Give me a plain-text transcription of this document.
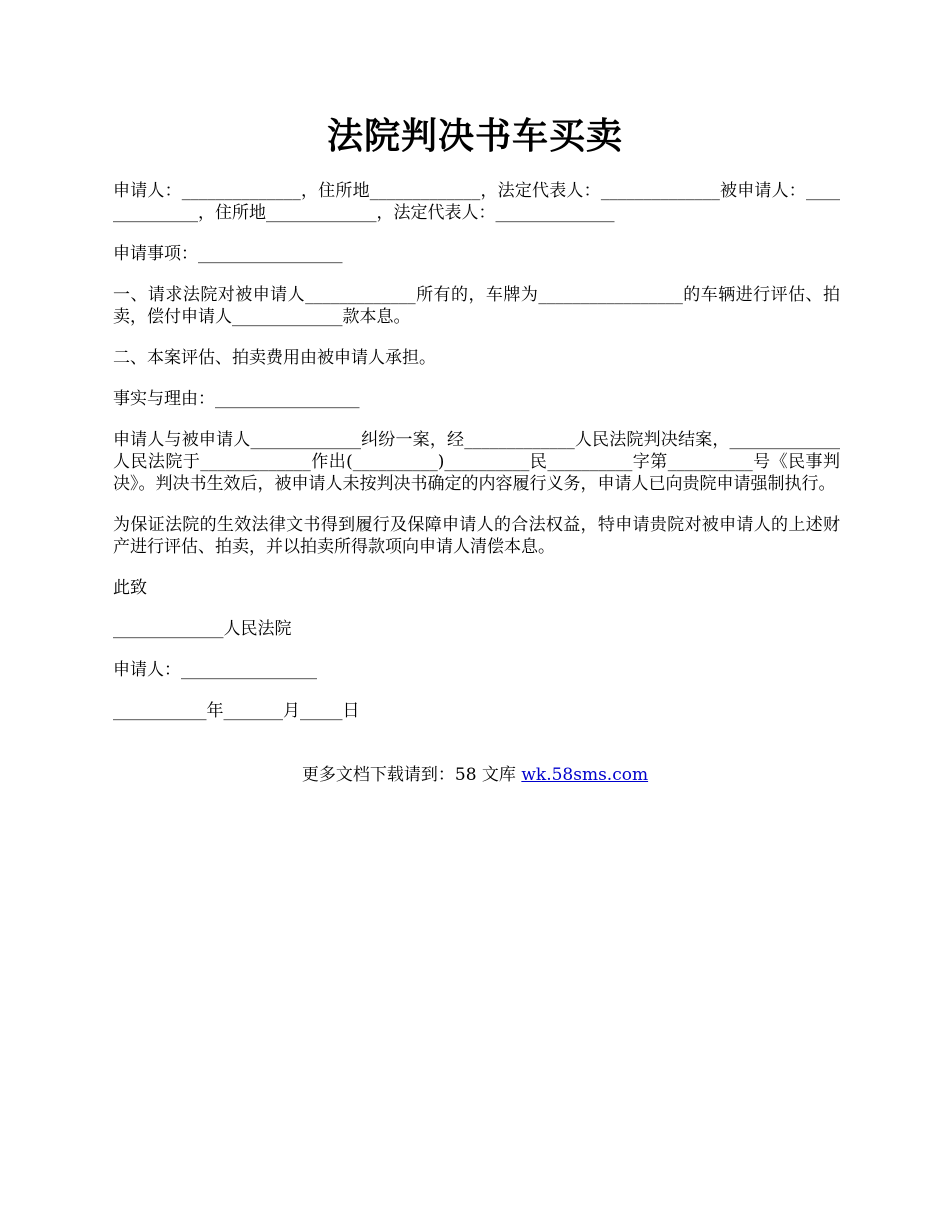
法院判决书车买卖

申请人：______________，住所地_____________，法定代表人：______________被申请人：______________，住所地_____________，法定代表人：______________

申请事项：_________________

一、请求法院对被申请人_____________所有的，车牌为_________________的车辆进行评估、拍卖，偿付申请人_____________款本息。

二、本案评估、拍卖费用由被申请人承担。

事实与理由：_________________

申请人与被申请人_____________纠纷一案，经_____________人民法院判决结案，_____________人民法院于_____________作出(__________)__________民__________字第__________号《民事判决》。判决书生效后，被申请人未按判决书确定的内容履行义务，申请人已向贵院申请强制执行。

为保证法院的生效法律文书得到履行及保障申请人的合法权益，特申请贵院对被申请人的上述财产进行评估、拍卖，并以拍卖所得款项向申请人清偿本息。

此致

_____________人民法院

申请人：________________

___________年_______月_____日

更多文档下载请到：58 文库 wk.58sms.com
